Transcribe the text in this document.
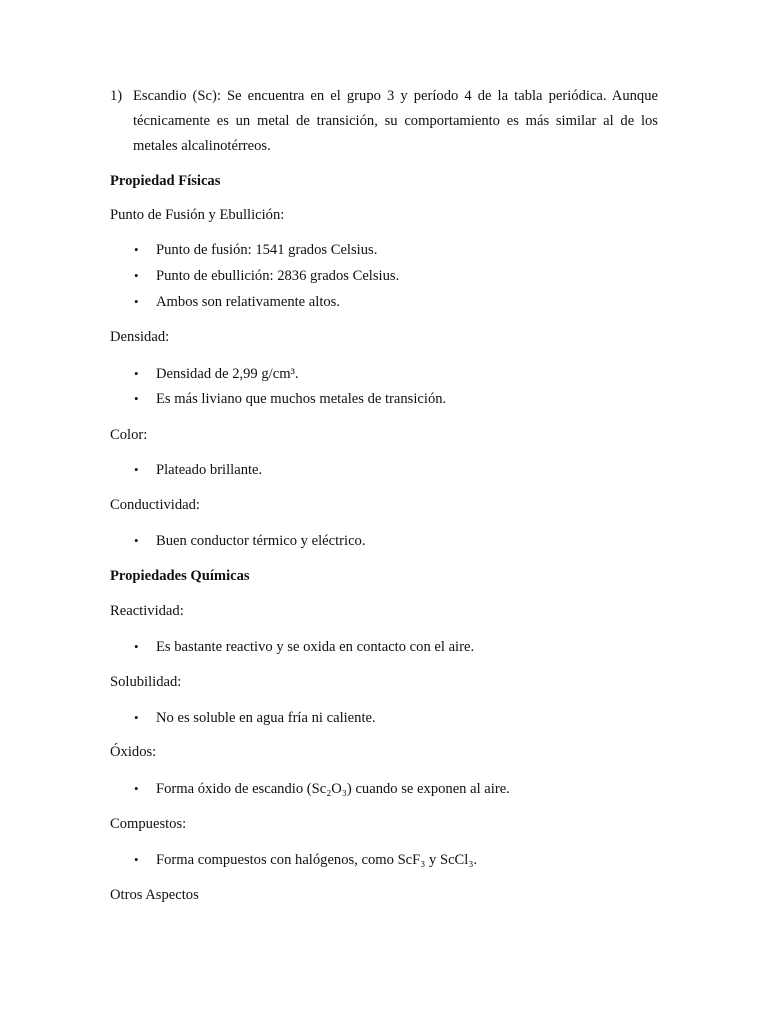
1) Escandio (Sc): Se encuentra en el grupo 3 y período 4 de la tabla periódica. Aunque técnicamente es un metal de transición, su comportamiento es más similar al de los metales alcalinotérreos.
Propiedad Físicas
Punto de Fusión y Ebullición:
• Punto de fusión: 1541 grados Celsius.
• Punto de ebullición: 2836 grados Celsius.
• Ambos son relativamente altos.
Densidad:
• Densidad de 2,99 g/cm³.
• Es más liviano que muchos metales de transición.
Color:
• Plateado brillante.
Conductividad:
• Buen conductor térmico y eléctrico.
Propiedades Químicas
Reactividad:
• Es bastante reactivo y se oxida en contacto con el aire.
Solubilidad:
• No es soluble en agua fría ni caliente.
Óxidos:
• Forma óxido de escandio (Sc₂O₃) cuando se exponen al aire.
Compuestos:
• Forma compuestos con halógenos, como ScF₃ y ScCl₃.
Otros Aspectos
